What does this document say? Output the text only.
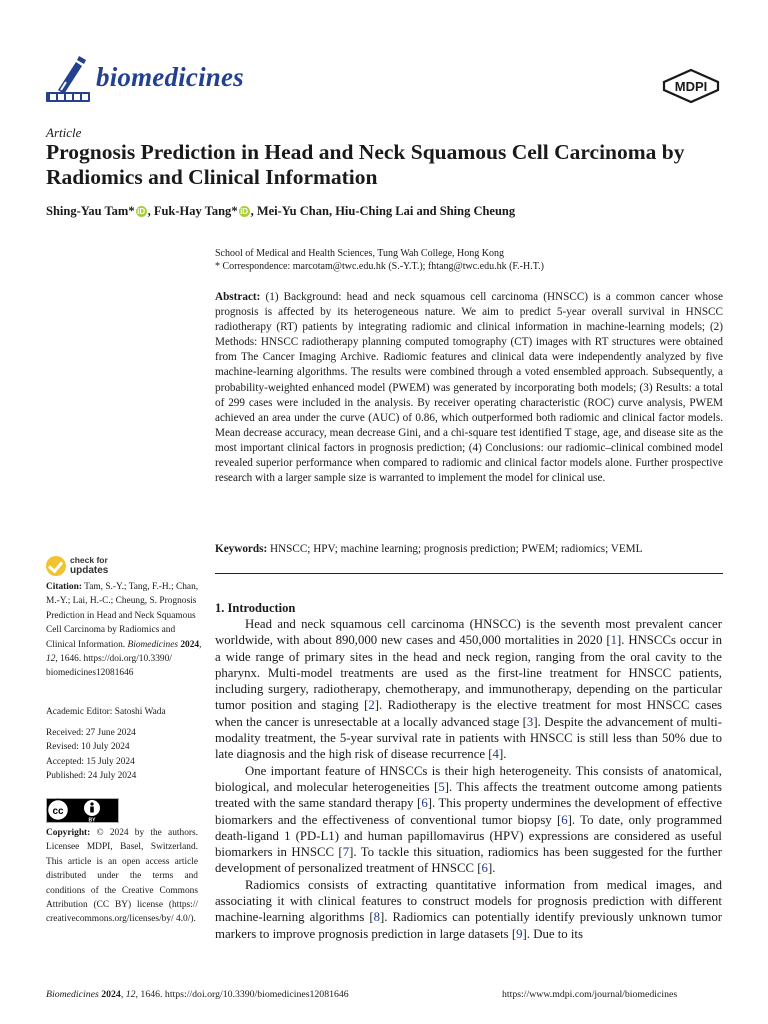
biomedicines	MDPI
Article
Prognosis Prediction in Head and Neck Squamous Cell Carcinoma by Radiomics and Clinical Information
Shing-Yau Tam* iD , Fuk-Hay Tang* iD , Mei-Yu Chan, Hiu-Ching Lai and Shing Cheung
School of Medical and Health Sciences, Tung Wah College, Hong Kong
* Correspondence: marcotam@twc.edu.hk (S.-Y.T.); fhtang@twc.edu.hk (F.-H.T.)
Abstract: (1) Background: head and neck squamous cell carcinoma (HNSCC) is a common cancer whose prognosis is affected by its heterogeneous nature. We aim to predict 5-year overall survival in HNSCC radiotherapy (RT) patients by integrating radiomic and clinical information in machine-learning models; (2) Methods: HNSCC radiotherapy planning computed tomography (CT) images with RT structures were obtained from The Cancer Imaging Archive. Radiomic features and clinical data were independently analyzed by five machine-learning algorithms. The results were combined through a voted ensembled approach. Subsequently, a probability-weighted enhanced model (PWEM) was generated by incorporating both models; (3) Results: a total of 299 cases were included in the analysis. By receiver operating characteristic (ROC) curve analysis, PWEM achieved an area under the curve (AUC) of 0.86, which outperformed both radiomic and clinical factor models. Mean decrease accuracy, mean decrease Gini, and a chi-square test identified T stage, age, and disease site as the most important clinical factors in prognosis prediction; (4) Conclusions: our radiomic–clinical combined model revealed superior performance when compared to radiomic and clinical factor models alone. Further prospective research with a larger sample size is warranted to implement the model for clinical use.
Keywords: HNSCC; HPV; machine learning; prognosis prediction; PWEM; radiomics; VEML
check for
updates
Citation: Tam, S.-Y.; Tang, F.-H.; Chan, M.-Y.; Lai, H.-C.; Cheung, S. Prognosis Prediction in Head and Neck Squamous Cell Carcinoma by Radiomics and Clinical Information. Biomedicines 2024, 12, 1646. https://doi.org/10.3390/ biomedicines12081646
Academic Editor: Satoshi Wada
Received: 27 June 2024
Revised: 10 July 2024
Accepted: 15 July 2024
Published: 24 July 2024
cc
BY
Copyright: © 2024 by the authors. Licensee MDPI, Basel, Switzerland. This article is an open access article distributed under the terms and conditions of the Creative Commons Attribution (CC BY) license (https:// creativecommons.org/licenses/by/ 4.0/).
1. Introduction

Head and neck squamous cell carcinoma (HNSCC) is the seventh most prevalent cancer worldwide, with about 890,000 new cases and 450,000 mortalities in 2020 [1]. HNSCCs occur in a wide range of primary sites in the head and neck region, ranging from the oral cavity to the pharynx. Multi-model treatments are used as the first-line treatment for HNSCC patients, including surgery, radiotherapy, chemotherapy, and immunotherapy, depending on the particular tumor position and staging [2]. Radiotherapy is the elective treatment for most HNSCC cases when the cancer is unresectable at a locally advanced stage [3]. Despite the advancement of multi-modality treatment, the 5-year survival rate in patients with HNSCC is still less than 50% due to late diagnosis and the high risk of disease recurrence [4].

One important feature of HNSCCs is their high heterogeneity. This consists of anatomical, biological, and molecular heterogeneities [5]. This affects the treatment outcome among patients treated with the same standard therapy [6]. This property undermines the development of effective biomarkers and the effectiveness of conventional tumor biopsy [6]. To date, only programmed death-ligand 1 (PD-L1) and human papillomavirus (HPV) expressions are considered as useful biomarkers in HNSCC [7]. To tackle this situation, radiomics has been suggested for the further development of personalized treatment of HNSCC [6].

Radiomics consists of extracting quantitative information from medical images, and associating it with clinical features to construct models for prognosis prediction with different machine-learning algorithms [8]. Radiomics can potentially identify previously unknown tumor markers to improve prognosis prediction in large datasets [9]. Due to its

Biomedicines 2024, 12, 1646. https://doi.org/10.3390/biomedicines12081646	https://www.mdpi.com/journal/biomedicines
